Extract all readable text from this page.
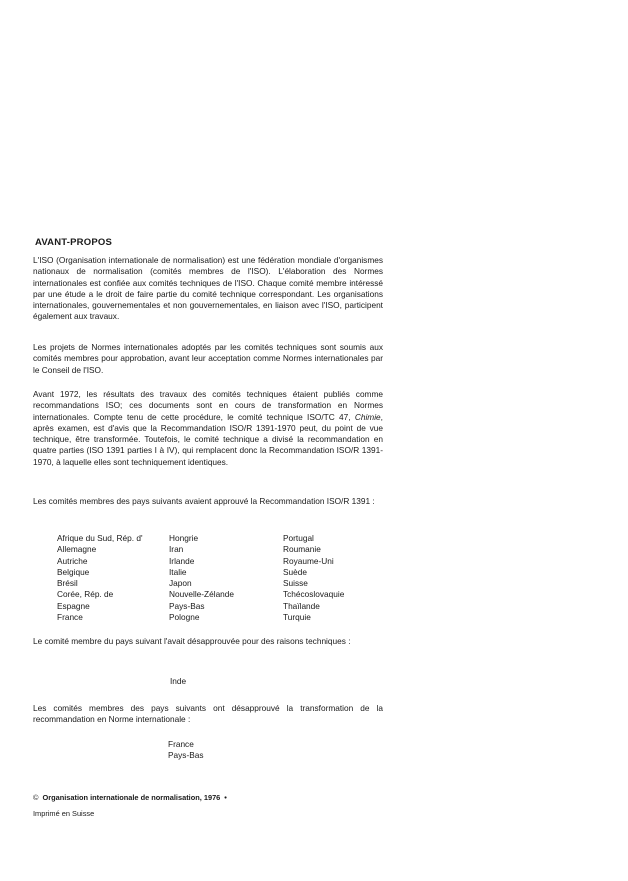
AVANT-PROPOS

L'ISO (Organisation internationale de normalisation) est une fédération mondiale d'organismes nationaux de normalisation (comités membres de l'ISO). L'élaboration des Normes internationales est confiée aux comités techniques de l'ISO. Chaque comité membre intéressé par une étude a le droit de faire partie du comité technique correspondant. Les organisations internationales, gouvernementales et non gouvernementales, en liaison avec l'ISO, participent également aux travaux.

Les projets de Normes internationales adoptés par les comités techniques sont soumis aux comités membres pour approbation, avant leur acceptation comme Normes internationales par le Conseil de l'ISO.

Avant 1972, les résultats des travaux des comités techniques étaient publiés comme recommandations ISO; ces documents sont en cours de transformation en Normes internationales. Compte tenu de cette procédure, le comité technique ISO/TC 47, Chimie, après examen, est d'avis que la Recommandation ISO/R 1391-1970 peut, du point de vue technique, être transformée. Toutefois, le comité technique a divisé la recommandation en quatre parties (ISO 1391 parties I à IV), qui remplacent donc la Recommandation ISO/R 1391-1970, à laquelle elles sont techniquement identiques.

Les comités membres des pays suivants avaient approuvé la Recommandation ISO/R 1391 :

Afrique du Sud, Rép. d'
Allemagne
Autriche
Belgique
Brésil
Corée, Rép. de
Espagne
France
Hongrie
Iran
Irlande
Italie
Japon
Nouvelle-Zélande
Pays-Bas
Pologne
Portugal
Roumanie
Royaume-Uni
Suède
Suisse
Tchécoslovaquie
Thaïlande
Turquie

Le comité membre du pays suivant l'avait désapprouvée pour des raisons techniques :

Inde

Les comités membres des pays suivants ont désapprouvé la transformation de la recommandation en Norme internationale :

France
Pays-Bas
© Organisation internationale de normalisation, 1976 •
Imprimé en Suisse
